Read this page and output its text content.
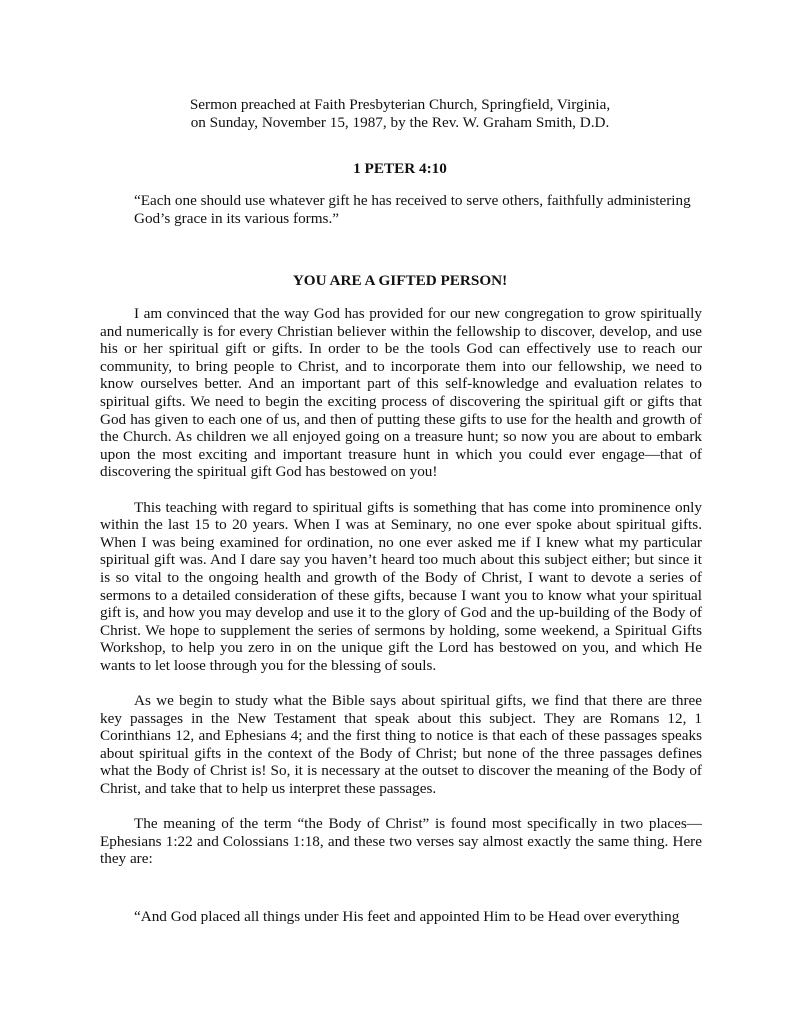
Sermon preached at Faith Presbyterian Church, Springfield, Virginia,
on Sunday, November 15, 1987, by the Rev. W. Graham Smith, D.D.
1 PETER 4:10
“Each one should use whatever gift he has received to serve others, faithfully administering God’s grace in its various forms.”
YOU ARE A GIFTED PERSON!

I am convinced that the way God has provided for our new congregation to grow spiritually and numerically is for every Christian believer within the fellowship to discover, develop, and use his or her spiritual gift or gifts. In order to be the tools God can effectively use to reach our community, to bring people to Christ, and to incorporate them into our fellowship, we need to know ourselves better. And an important part of this self-knowledge and evaluation relates to spiritual gifts. We need to begin the exciting process of discovering the spiritual gift or gifts that God has given to each one of us, and then of putting these gifts to use for the health and growth of the Church. As children we all enjoyed going on a treasure hunt; so now you are about to embark upon the most exciting and important treasure hunt in which you could ever engage—that of discovering the spiritual gift God has bestowed on you!

This teaching with regard to spiritual gifts is something that has come into prominence only within the last 15 to 20 years. When I was at Seminary, no one ever spoke about spiritual gifts. When I was being examined for ordination, no one ever asked me if I knew what my particular spiritual gift was. And I dare say you haven’t heard too much about this subject either; but since it is so vital to the ongoing health and growth of the Body of Christ, I want to devote a series of sermons to a detailed consideration of these gifts, because I want you to know what your spiritual gift is, and how you may develop and use it to the glory of God and the up-building of the Body of Christ. We hope to supplement the series of sermons by holding, some weekend, a Spiritual Gifts Workshop, to help you zero in on the unique gift the Lord has bestowed on you, and which He wants to let loose through you for the blessing of souls.

As we begin to study what the Bible says about spiritual gifts, we find that there are three key passages in the New Testament that speak about this subject. They are Romans 12, 1 Corinthians 12, and Ephesians 4; and the first thing to notice is that each of these passages speaks about spiritual gifts in the context of the Body of Christ; but none of the three passages defines what the Body of Christ is! So, it is necessary at the outset to discover the meaning of the Body of Christ, and take that to help us interpret these passages.

The meaning of the term “the Body of Christ” is found most specifically in two places—Ephesians 1:22 and Colossians 1:18, and these two verses say almost exactly the same thing. Here they are:

“And God placed all things under His feet and appointed Him to be Head over everything
